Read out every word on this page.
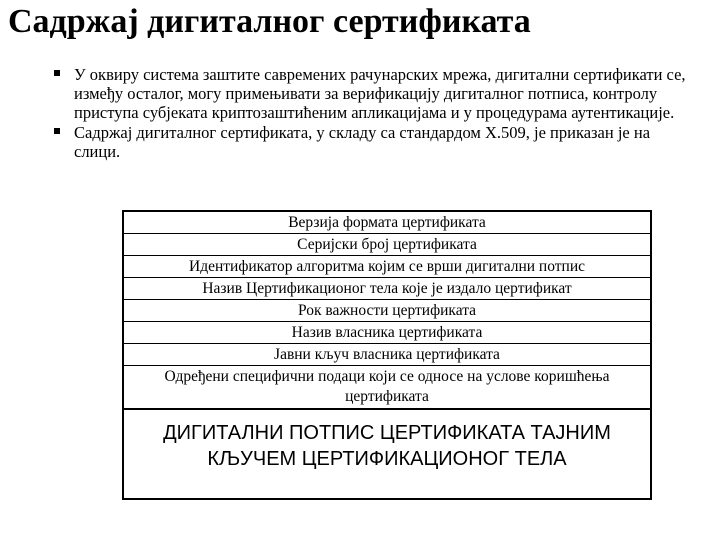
Садржај дигиталног сертификата
У оквиру система заштите савремених рачунарских мрежа, дигитални сертификати се, између осталог, могу примењивати за верификацију дигиталног потписа, контролу приступа субјеката криптозаштићеним апликацијама и у процедурама аутентикације.
Садржај дигиталног сертификата, у складу са стандардом X.509, је приказан је на слици.
Верзија формата цертификата
Серијски број цертификата
Идентификатор алгоритма којим се врши дигитални потпис
Назив Цертификационог тела које је издало цертификат
Рок важности цертификата
Назив власника цертификата
Јавни кључ власника цертификата
Одређени специфични подаци који се односе на услове коришћења цертификата
ДИГИТАЛНИ ПОТПИС ЦЕРТИФИКАТА ТАЈНИМ КЉУЧЕМ ЦЕРТИФИКАЦИОНОГ ТЕЛА
